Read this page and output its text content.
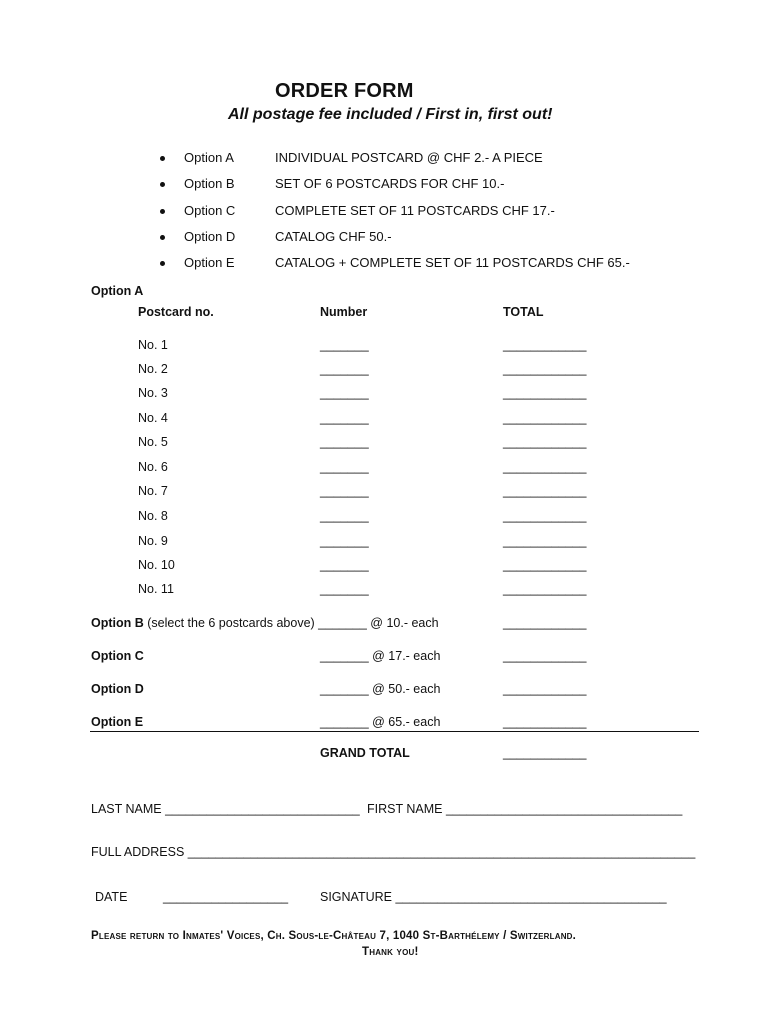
ORDER FORM
All postage fee included / First in, first out!
Option A	INDIVIDUAL POSTCARD @ CHF 2.- A PIECE
Option B	SET OF 6 POSTCARDS FOR CHF 10.-
Option C	COMPLETE SET OF 11 POSTCARDS CHF 17.-
Option D	CATALOG CHF 50.-
Option E	CATALOG + COMPLETE SET OF 11 POSTCARDS CHF 65.-
Option A
Postcard no.	Number	TOTAL
No. 1	_______	____________
No. 2	_______	____________
No. 3	_______	____________
No. 4	_______	____________
No. 5	_______	____________
No. 6	_______	____________
No. 7	_______	____________
No. 8	_______	____________
No. 9	_______	____________
No. 10	_______	____________
No. 11	_______	____________
Option B (select the 6 postcards above) _______ @ 10.- each	____________
Option C	_______ @ 17.- each	____________
Option D	_______ @ 50.- each	____________
Option E	_______ @ 65.- each	____________
GRAND TOTAL	____________
LAST NAME ____________________________ FIRST NAME __________________________________
FULL ADDRESS _________________________________________________________________________
DATE	__________________	SIGNATURE _______________________________________
Please return to Inmates' Voices, Ch. Sous-le-Château 7, 1040 St-Barthélemy / Switzerland.
Thank you!
